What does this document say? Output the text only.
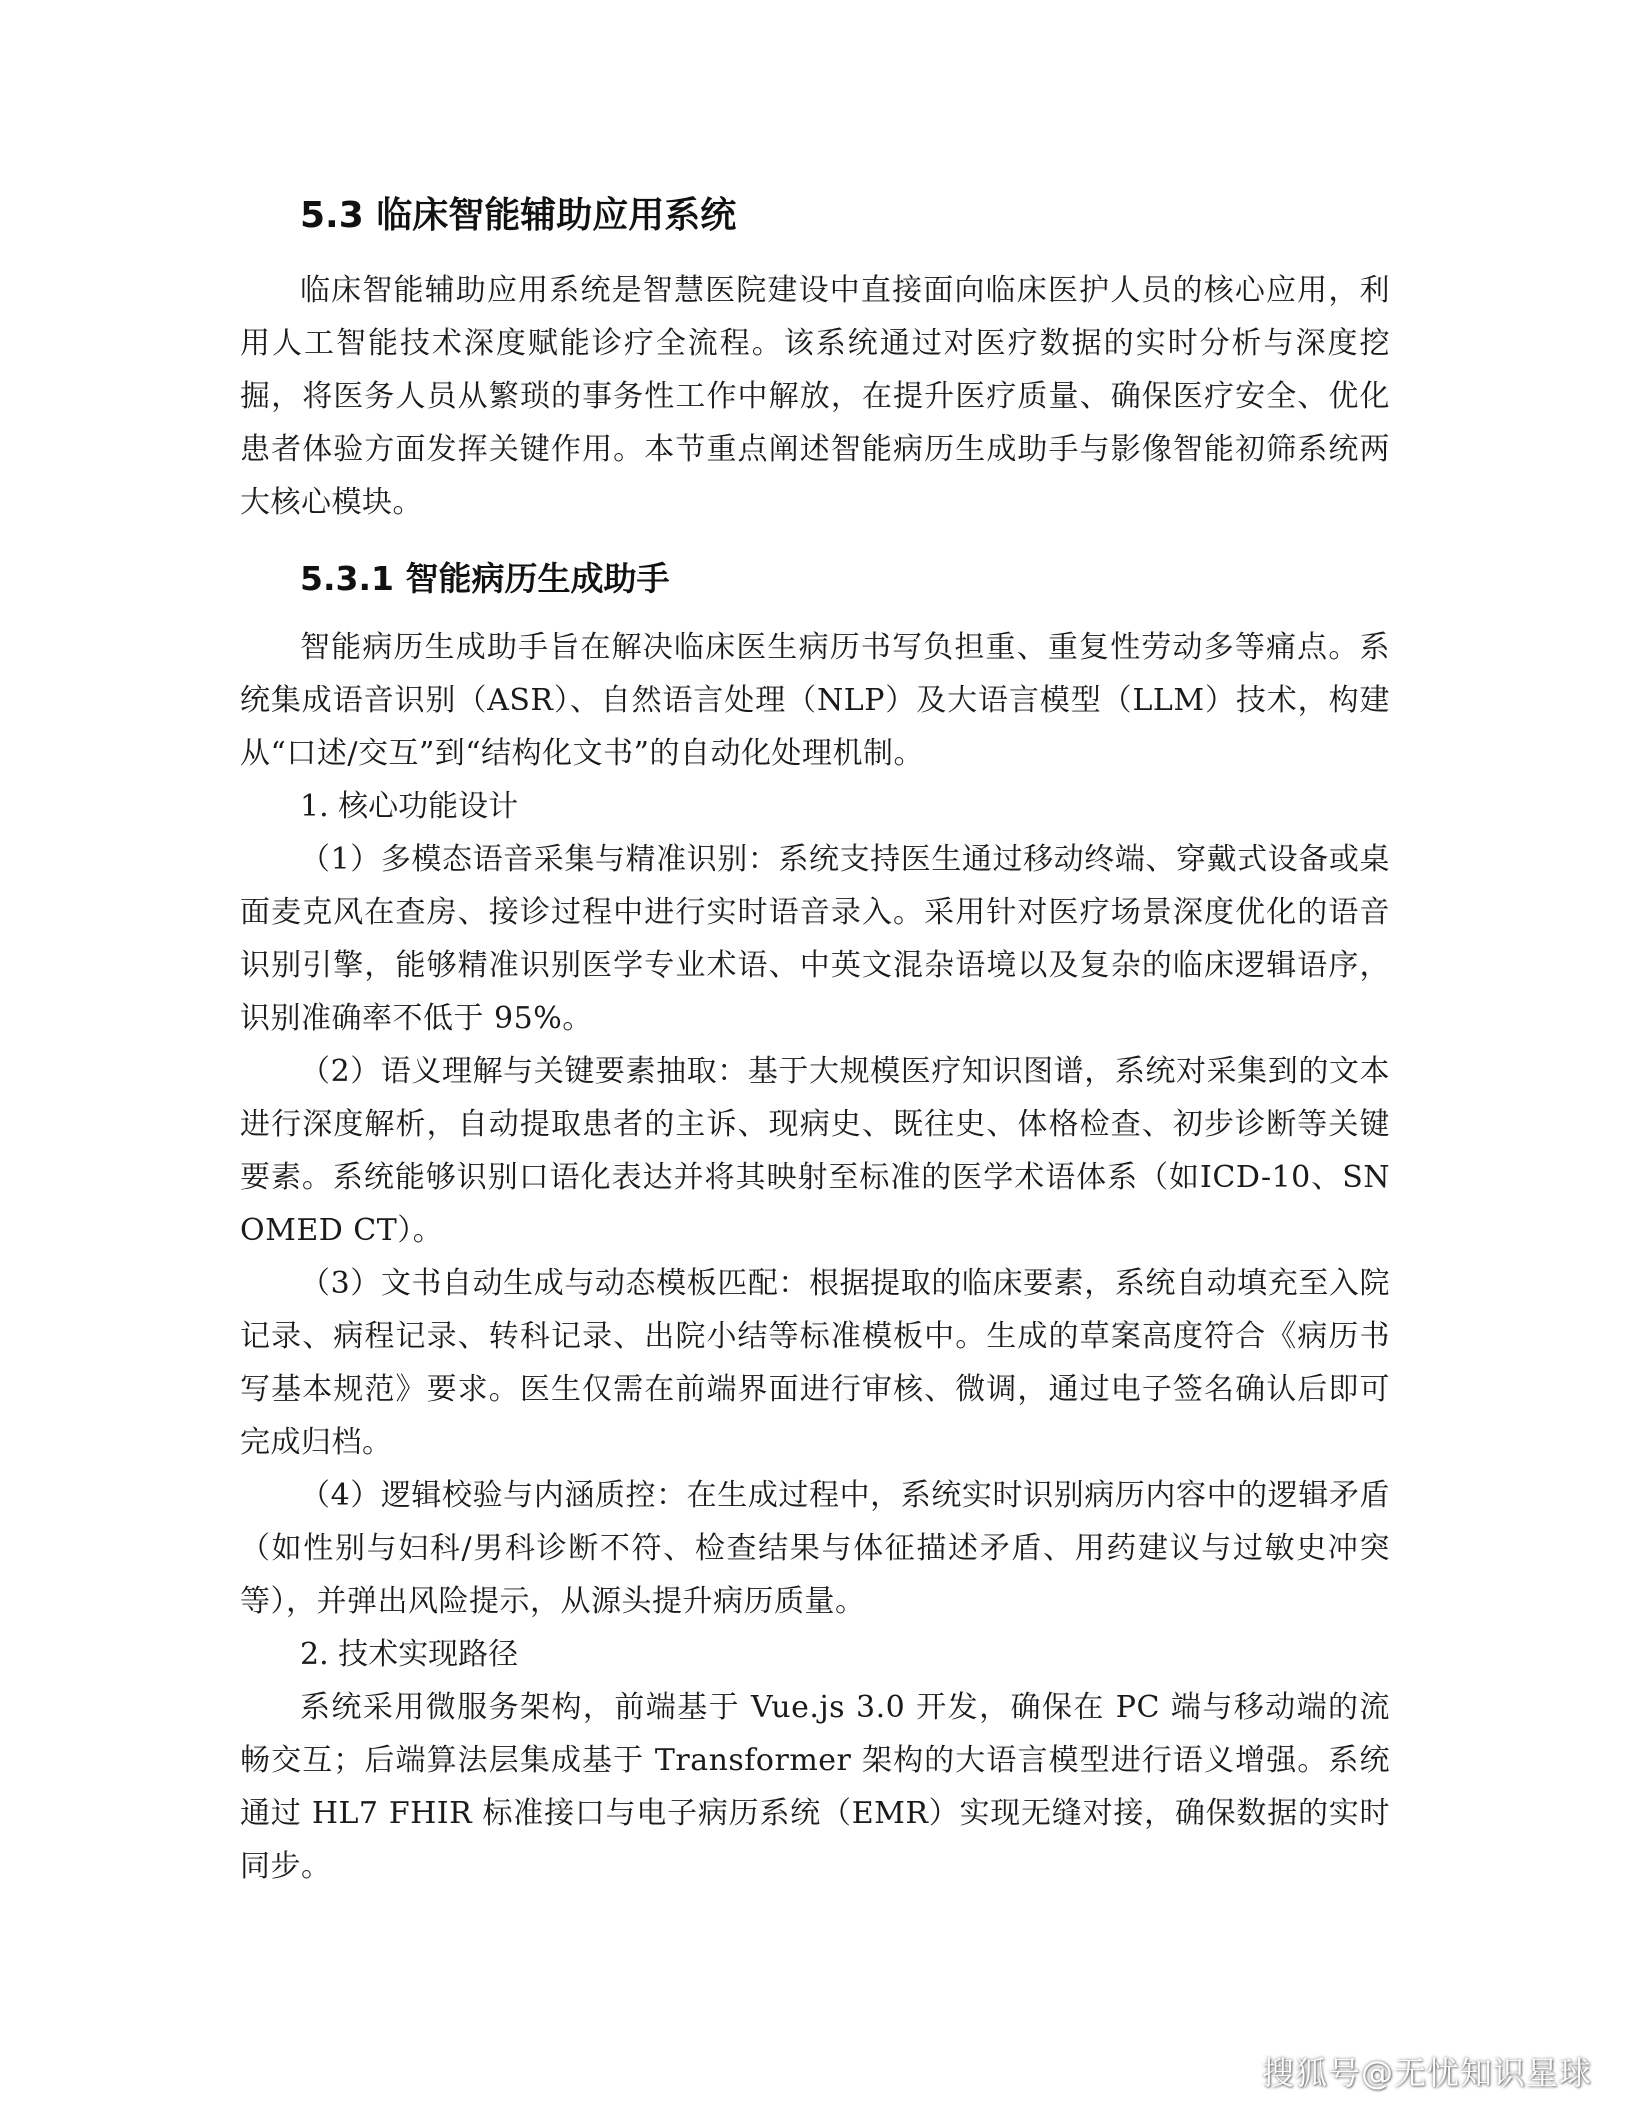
5.3 临床智能辅助应用系统

临床智能辅助应用系统是智慧医院建设中直接面向临床医护人员的核心应用，利用人工智能技术深度赋能诊疗全流程。该系统通过对医疗数据的实时分析与深度挖掘，将医务人员从繁琐的事务性工作中解放，在提升医疗质量、确保医疗安全、优化患者体验方面发挥关键作用。本节重点阐述智能病历生成助手与影像智能初筛系统两大核心模块。

5.3.1 智能病历生成助手

智能病历生成助手旨在解决临床医生病历书写负担重、重复性劳动多等痛点。系统集成语音识别（ASR）、自然语言处理（NLP）及大语言模型（LLM）技术，构建从“口述/交互”到“结构化文书”的自动化处理机制。

1. 核心功能设计

（1）多模态语音采集与精准识别：系统支持医生通过移动终端、穿戴式设备或桌面麦克风在查房、接诊过程中进行实时语音录入。采用针对医疗场景深度优化的语音识别引擎，能够精准识别医学专业术语、中英文混杂语境以及复杂的临床逻辑语序，识别准确率不低于 95%。

（2）语义理解与关键要素抽取：基于大规模医疗知识图谱，系统对采集到的文本进行深度解析，自动提取患者的主诉、现病史、既往史、体格检查、初步诊断等关键要素。系统能够识别口语化表达并将其映射至标准的医学术语体系（如ICD-10、SNOMED CT）。

（3）文书自动生成与动态模板匹配：根据提取的临床要素，系统自动填充至入院记录、病程记录、转科记录、出院小结等标准模板中。生成的草案高度符合《病历书写基本规范》要求。医生仅需在前端界面进行审核、微调，通过电子签名确认后即可完成归档。

（4）逻辑校验与内涵质控：在生成过程中，系统实时识别病历内容中的逻辑矛盾（如性别与妇科/男科诊断不符、检查结果与体征描述矛盾、用药建议与过敏史冲突等），并弹出风险提示，从源头提升病历质量。

2. 技术实现路径

系统采用微服务架构，前端基于 Vue.js 3.0 开发，确保在 PC 端与移动端的流畅交互；后端算法层集成基于 Transformer 架构的大语言模型进行语义增强。系统通过 HL7 FHIR 标准接口与电子病历系统（EMR）实现无缝对接，确保数据的实时同步。

搜狐号@无忧知识星球
